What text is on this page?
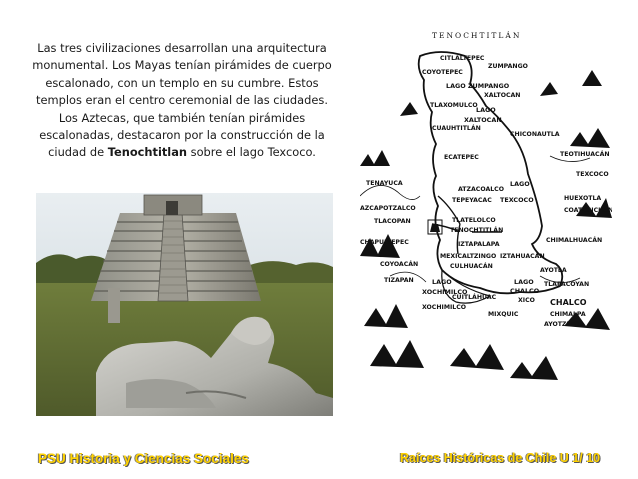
Las tres civilizaciones desarrollan una arquitectura monumental. Los Mayas tenían pirámides de cuerpo escalonado, con un templo en su cumbre. Estos templos eran el centro ceremonial de las ciudades. Los Aztecas, que también tenían pirámides escalonadas, destacaron por la construcción de la ciudad de Tenochtitlan sobre el lago Texcoco.
TENOCHTITLÁN
CITLALTEPEC
ZUMPANGO
COYOTEPEC
LAGO ZUMPANGO
XALTOCAN
TLAXOMULCO
LAGO
XALTOCAN
CUAUHTITLÁN
CHICONAUTLA
TEOTIHUACÁN
ECATEPEC
TENAYUCA
ATZACOALCO
TEPEYACAC
LAGO
TEXCOCO
TEXCOCO
HUEXOTLA
COATLINCHÁN
AZCAPOTZALCO
TLACOPAN	TLATELOLCO
TENOCHTITLÁN
CHAPULTEPEC	CHIMALHUACÁN
IZTAPALAPA
MEXICALTZINGO
CULHUACÁN
IZTAHUACÁN
COYOACÁN
TIZAPAN
AYOTLA
TLAPACOYAN
LAGO
CHALCO
CHALCO
LAGO
XOCHIMILCO
CUITLÁHUAC	XICO
XOCHIMILCO
MIXQUIC	CHIMALPA
AYOTZINCO
PSU Historia y Ciencias Sociales	Raíces Históricas de Chile U 1/ 10
